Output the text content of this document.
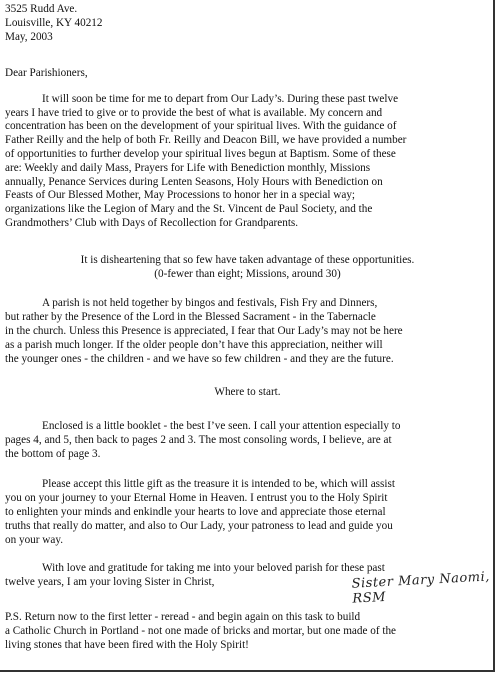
3525 Rudd Ave.
Louisville, KY 40212
May, 2003
Dear Parishioners,
It will soon be time for me to depart from Our Lady’s. During these past twelve
years I have tried to give or to provide the best of what is available. My concern and
concentration has been on the development of your spiritual lives. With the guidance of
Father Reilly and the help of both Fr. Reilly and Deacon Bill, we have provided a number
of opportunities to further develop your spiritual lives begun at Baptism. Some of these
are: Weekly and daily Mass, Prayers for Life with Benediction monthly, Missions
annually, Penance Services during Lenten Seasons, Holy Hours with Benediction on
Feasts of Our Blessed Mother, May Processions to honor her in a special way;
organizations like the Legion of Mary and the St. Vincent de Paul Society, and the
Grandmothers’ Club with Days of Recollection for Grandparents.
It is disheartening that so few have taken advantage of these opportunities.
(0-fewer than eight; Missions, around 30)
A parish is not held together by bingos and festivals, Fish Fry and Dinners,
but rather by the Presence of the Lord in the Blessed Sacrament - in the Tabernacle
in the church. Unless this Presence is appreciated, I fear that Our Lady’s may not be here
as a parish much longer. If the older people don’t have this appreciation, neither will
the younger ones - the children - and we have so few children - and they are the future.
Where to start.
Enclosed is a little booklet - the best I’ve seen. I call your attention especially to
pages 4, and 5, then back to pages 2 and 3. The most consoling words, I believe, are at
the bottom of page 3.
Please accept this little gift as the treasure it is intended to be, which will assist
you on your journey to your Eternal Home in Heaven. I entrust you to the Holy Spirit
to enlighten your minds and enkindle your hearts to love and appreciate those eternal
truths that really do matter, and also to Our Lady, your patroness to lead and guide you
on your way.
With love and gratitude for taking me into your beloved parish for these past
twelve years, I am your loving Sister in Christ,	Sister Mary Naomi, RSM
P.S. Return now to the first letter - reread - and begin again on this task to build
a Catholic Church in Portland - not one made of bricks and mortar, but one made of the
living stones that have been fired with the Holy Spirit!
